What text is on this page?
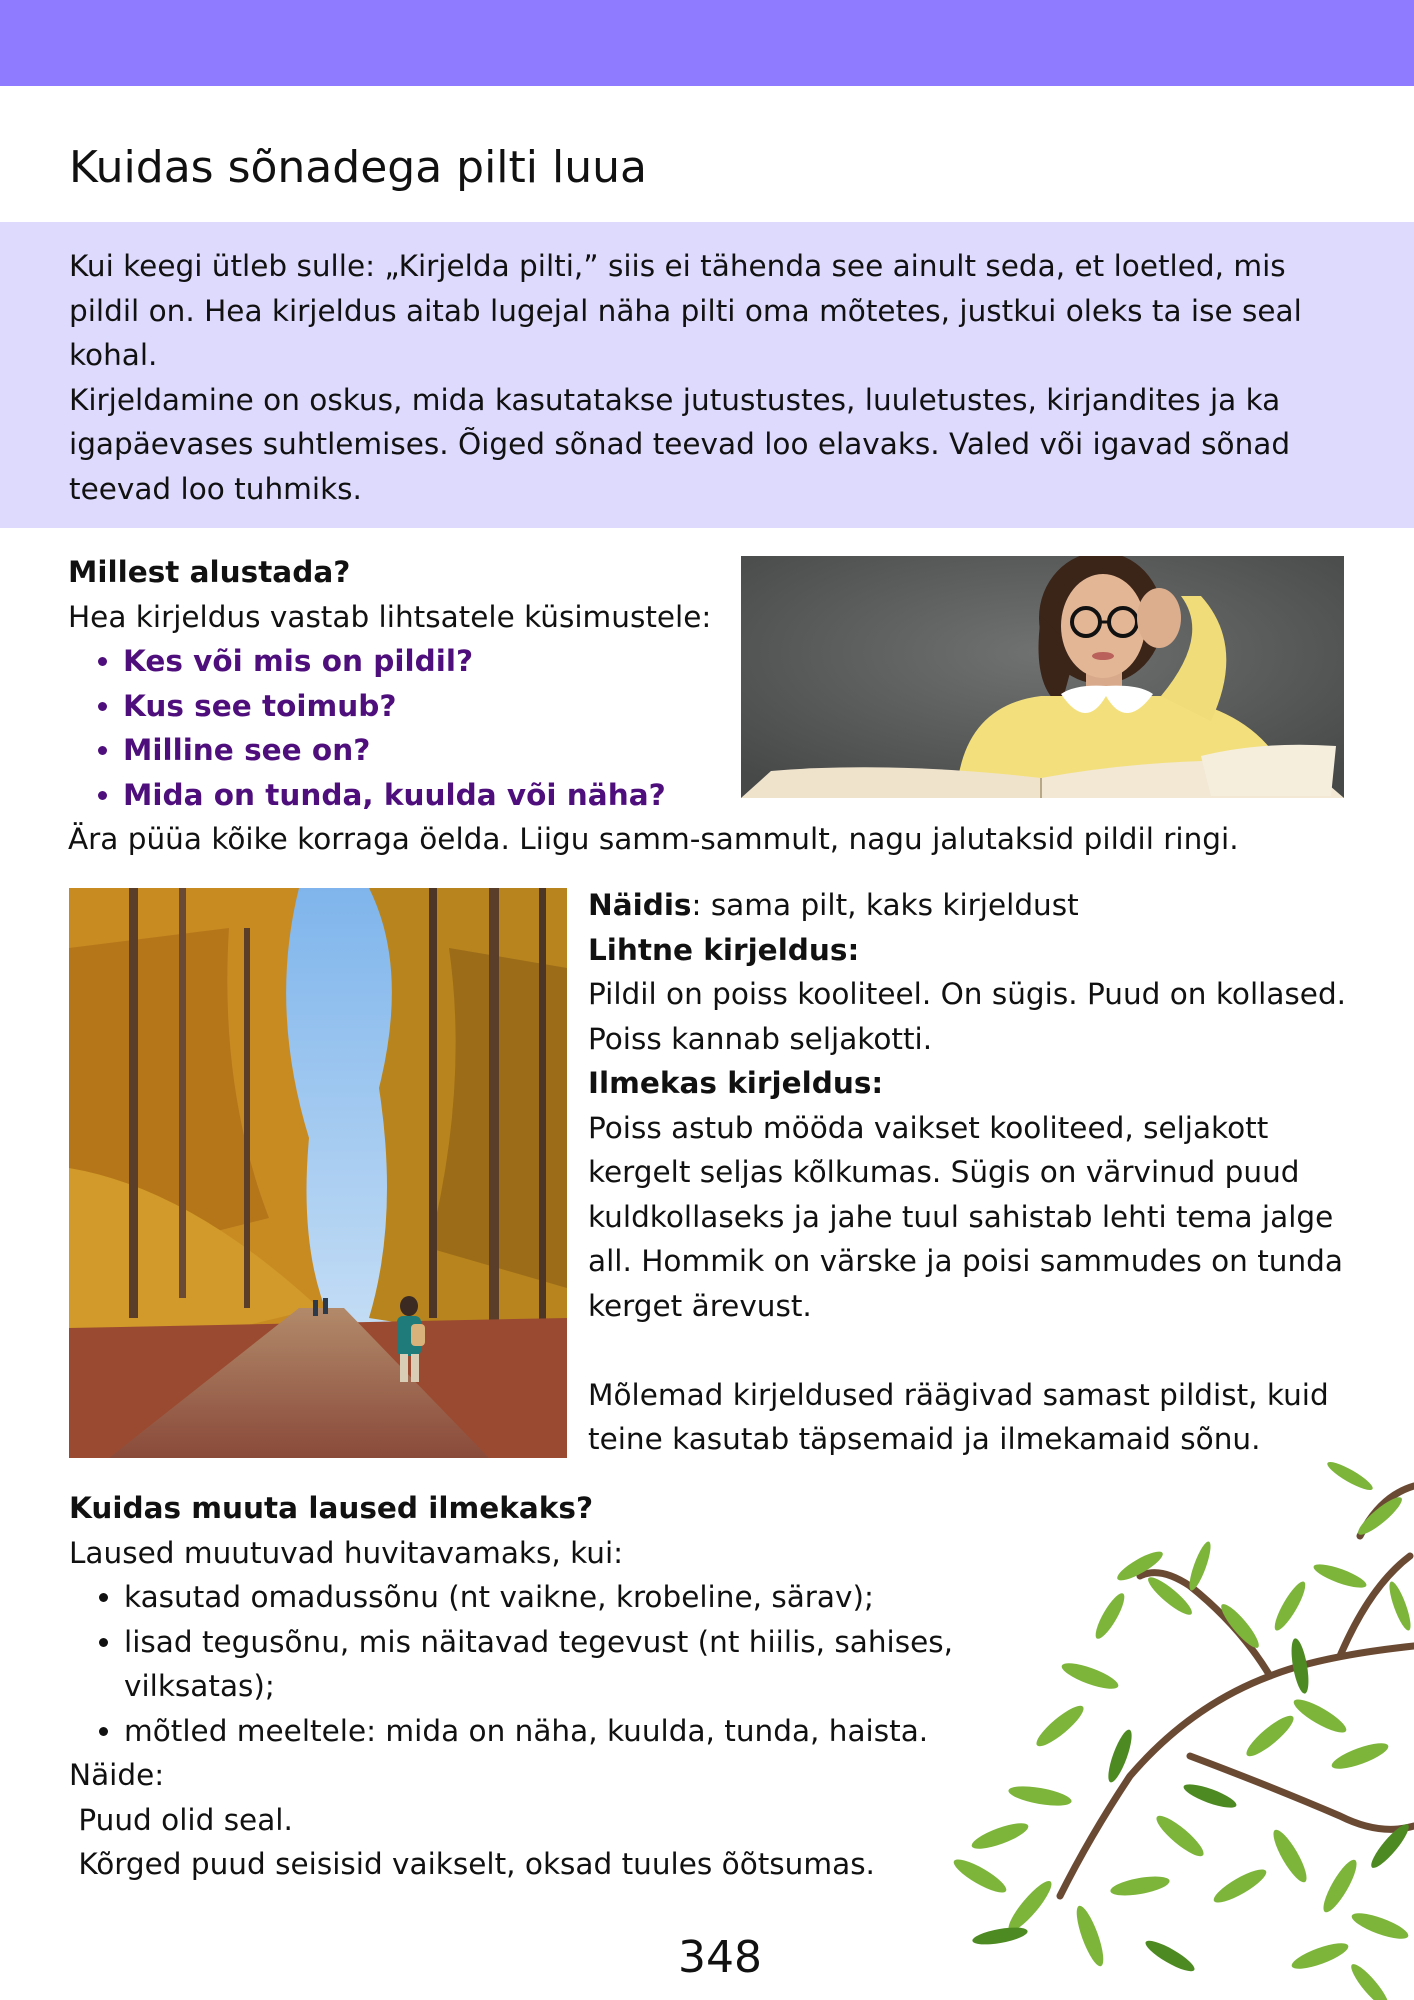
Kuidas sõnadega pilti luua

Kui keegi ütleb sulle: „Kirjelda pilti,” siis ei tähenda see ainult seda, et loetled, mis pildil on. Hea kirjeldus aitab lugejal näha pilti oma mõtetes, justkui oleks ta ise seal kohal.

Kirjeldamine on oskus, mida kasutatakse jutustustes, luuletustes, kirjandites ja ka igapäevases suhtlemises. Õiged sõnad teevad loo elavaks. Valed või igavad sõnad teevad loo tuhmiks.

Millest alustada?

Hea kirjeldus vastab lihtsatele küsimustele:

• Kes või mis on pildil?
• Kus see toimub?
• Milline see on?
• Mida on tunda, kuulda või näha?

Ära püüa kõike korraga öelda. Liigu samm-sammult, nagu jalutaksid pildil ringi.

Näidis: sama pilt, kaks kirjeldust

Lihtne kirjeldus:

Pildil on poiss kooliteel. On sügis. Puud on kollased. Poiss kannab seljakotti.

Ilmekas kirjeldus:

Poiss astub mööda vaikset kooliteed, seljakott kergelt seljas kõlkumas. Sügis on värvinud puud kuldkollaseks ja jahe tuul sahistab lehti tema jalge all. Hommik on värske ja poisi sammudes on tunda kerget ärevust.

Mõlemad kirjeldused räägivad samast pildist, kuid teine kasutab täpsemaid ja ilmekamaid sõnu.

Kuidas muuta laused ilmekaks?

Laused muutuvad huvitavamaks, kui:

• kasutad omadussõnu (nt vaikne, krobeline, särav);
• lisad tegusõnu, mis näitavad tegevust (nt hiilis, sahises, vilksatas);
• mõtled meeltele: mida on näha, kuulda, tunda, haista.

Näide:

Puud olid seal.

Kõrged puud seisisid vaikselt, oksad tuules õõtsumas.

348
